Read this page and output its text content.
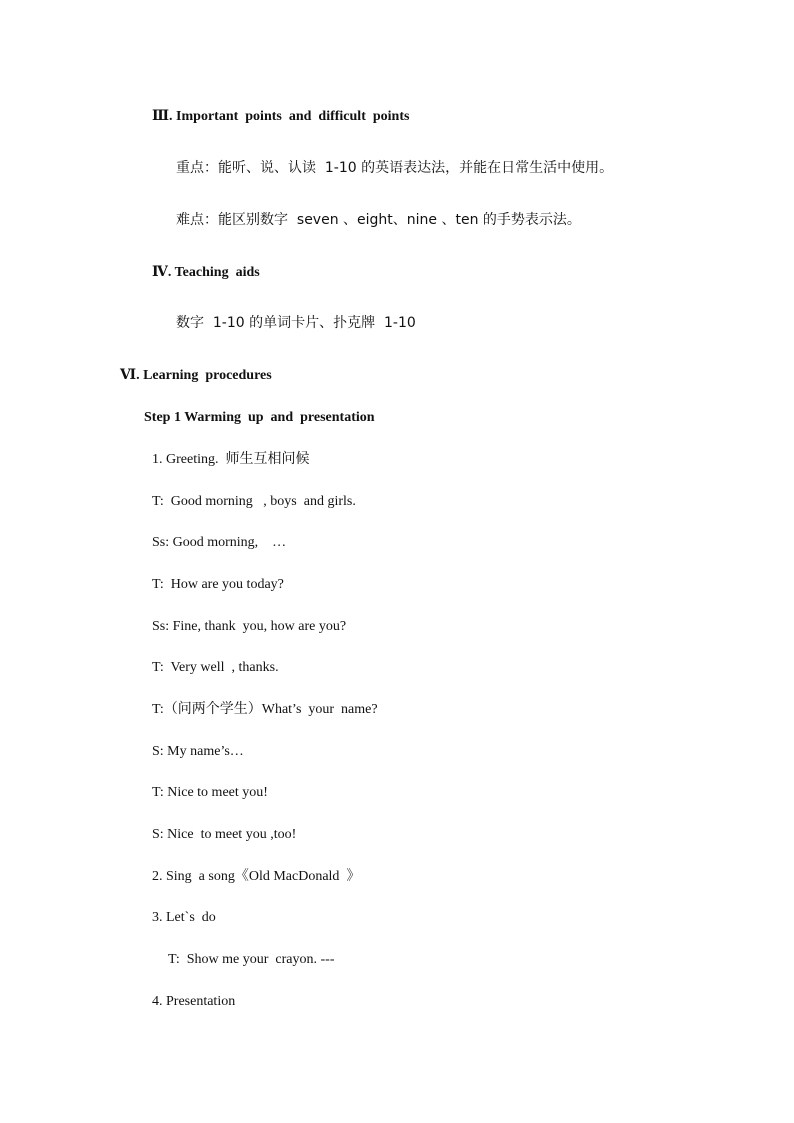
Ⅲ. Important  points  and  difficult  points
重点：能听、说、认读  1-10 的英语表达法，并能在日常生活中使用。
难点：能区别数字  seven 、eight、nine 、ten 的手势表示法。
Ⅳ. Teaching  aids
数字  1-10 的单词卡片、扑克牌  1-10
Ⅵ. Learning  procedures
Step 1 Warming  up  and  presentation
1. Greeting.  师生互相问候
T:  Good morning   , boys  and girls.
Ss: Good morning,    …
T:  How are you today?
Ss: Fine, thank  you, how are you?
T:  Very well  , thanks.
T:（问两个学生）What’s  your  name?
S: My name’s…
T: Nice to meet you!
S: Nice  to meet you ,too!
2. Sing  a song《Old MacDonald  》
3. Let`s  do
T:  Show me your  crayon. ---
4. Presentation
